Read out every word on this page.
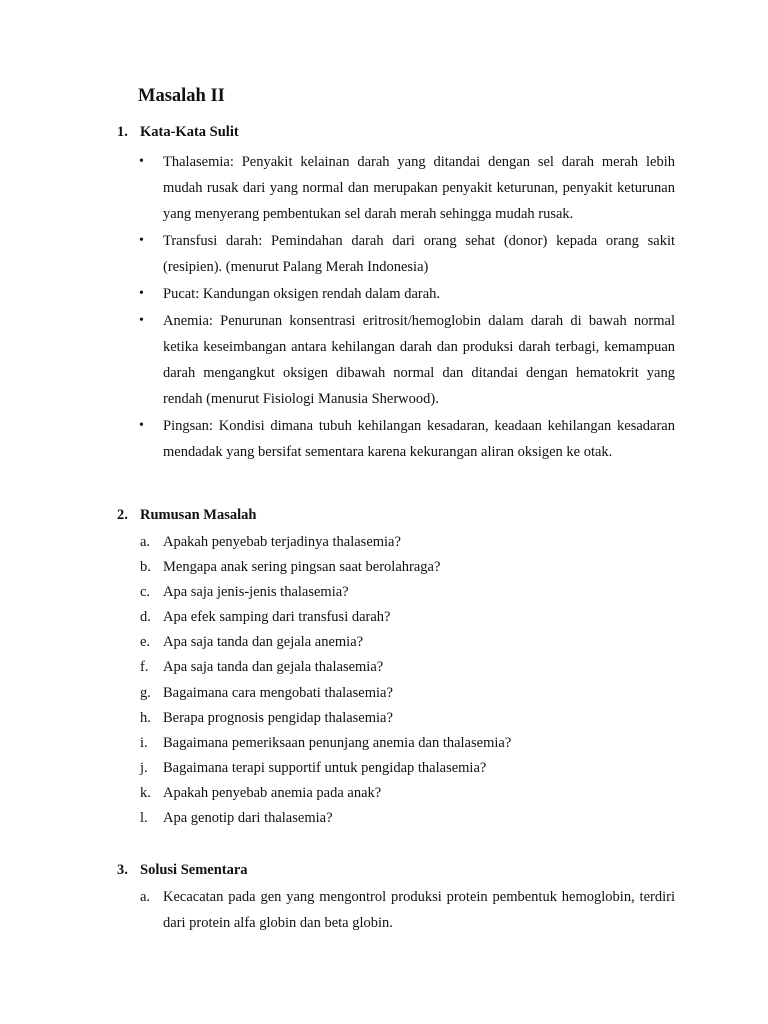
Masalah II
1. Kata-Kata Sulit
• Thalasemia: Penyakit kelainan darah yang ditandai dengan sel darah merah lebih mudah rusak dari yang normal dan merupakan penyakit keturunan, penyakit keturunan yang menyerang pembentukan sel darah merah sehingga mudah rusak.
• Transfusi darah: Pemindahan darah dari orang sehat (donor) kepada orang sakit (resipien). (menurut Palang Merah Indonesia)
• Pucat: Kandungan oksigen rendah dalam darah.
• Anemia: Penurunan konsentrasi eritrosit/hemoglobin dalam darah di bawah normal ketika keseimbangan antara kehilangan darah dan produksi darah terbagi, kemampuan darah mengangkut oksigen dibawah normal dan ditandai dengan hematokrit yang rendah (menurut Fisiologi Manusia Sherwood).
• Pingsan: Kondisi dimana tubuh kehilangan kesadaran, keadaan kehilangan kesadaran mendadak yang bersifat sementara karena kekurangan aliran oksigen ke otak.
2. Rumusan Masalah
a. Apakah penyebab terjadinya thalasemia?
b. Mengapa anak sering pingsan saat berolahraga?
c. Apa saja jenis-jenis thalasemia?
d. Apa efek samping dari transfusi darah?
e. Apa saja tanda dan gejala anemia?
f.	Apa saja tanda dan gejala thalasemia?
g. Bagaimana cara mengobati thalasemia?
h. Berapa prognosis pengidap thalasemia?
i.	Bagaimana pemeriksaan penunjang anemia dan thalasemia?
j.	Bagaimana terapi supportif untuk pengidap thalasemia?
k. Apakah penyebab anemia pada anak?
l.	Apa genotip dari thalasemia?
3. Solusi Sementara
a. Kecacatan pada gen yang mengontrol produksi protein pembentuk hemoglobin, terdiri dari protein alfa globin dan beta globin.
